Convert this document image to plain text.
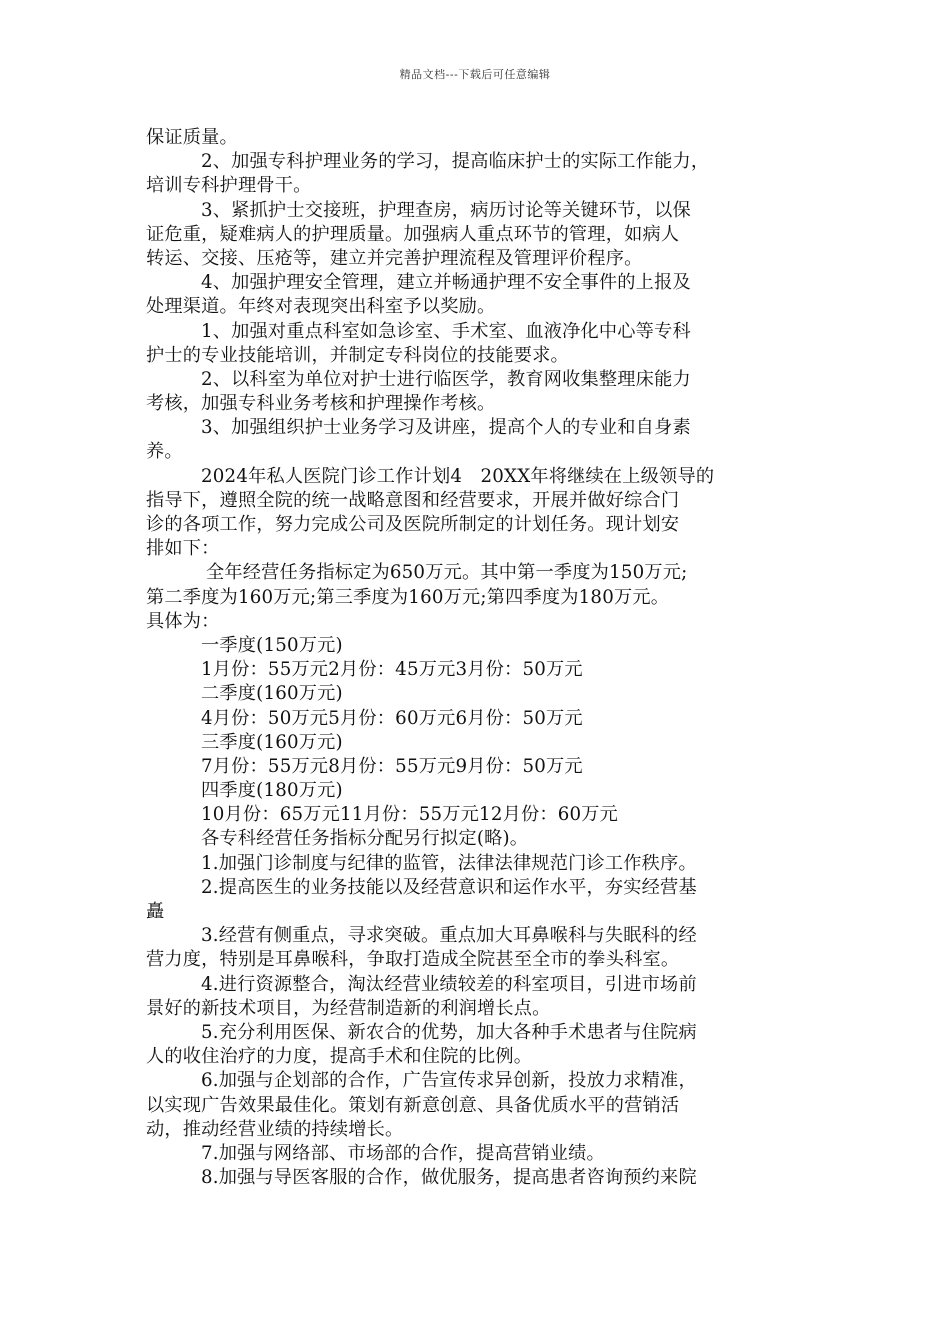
精品文档---下载后可任意编辑
保证质量。
2、加强专科护理业务的学习，提高临床护士的实际工作能力，
培训专科护理骨干。
3、紧抓护士交接班，护理查房，病历讨论等关键环节，以保
证危重，疑难病人的护理质量。加强病人重点环节的管理，如病人
转运、交接、压疮等，建立并完善护理流程及管理评价程序。
4、加强护理安全管理，建立并畅通护理不安全事件的上报及
处理渠道。年终对表现突出科室予以奖励。
1、加强对重点科室如急诊室、手术室、血液净化中心等专科
护士的专业技能培训，并制定专科岗位的技能要求。
2、以科室为单位对护士进行临医学，教育网收集整理床能力
考核，加强专科业务考核和护理操作考核。
3、加强组织护士业务学习及讲座，提高个人的专业和自身素
养。
2024年私人医院门诊工作计划4　20XX年将继续在上级领导的
指导下，遵照全院的统一战略意图和经营要求，开展并做好综合门
诊的各项工作，努力完成公司及医院所制定的计划任务。现计划安
排如下：
全年经营任务指标定为650万元。其中第一季度为150万元;
第二季度为160万元;第三季度为160万元;第四季度为180万元。
具体为：
一季度(150万元)
1月份：55万元2月份：45万元3月份：50万元
二季度(160万元)
4月份：50万元5月份：60万元6月份：50万元
三季度(160万元)
7月份：55万元8月份：55万元9月份：50万元
四季度(180万元)
10月份：65万元11月份：55万元12月份：60万元
各专科经营任务指标分配另行拟定(略)。
1.加强门诊制度与纪律的监管，法律法律规范门诊工作秩序。
2.提高医生的业务技能以及经营意识和运作水平，夯实经营基
矗
3.经营有侧重点，寻求突破。重点加大耳鼻喉科与失眠科的经
营力度，特别是耳鼻喉科，争取打造成全院甚至全市的拳头科室。
4.进行资源整合，淘汰经营业绩较差的科室项目，引进市场前
景好的新技术项目，为经营制造新的利润增长点。
5.充分利用医保、新农合的优势，加大各种手术患者与住院病
人的收住治疗的力度，提高手术和住院的比例。
6.加强与企划部的合作，广告宣传求异创新，投放力求精准，
以实现广告效果最佳化。策划有新意创意、具备优质水平的营销活
动，推动经营业绩的持续增长。
7.加强与网络部、市场部的合作，提高营销业绩。
8.加强与导医客服的合作，做优服务，提高患者咨询预约来院
